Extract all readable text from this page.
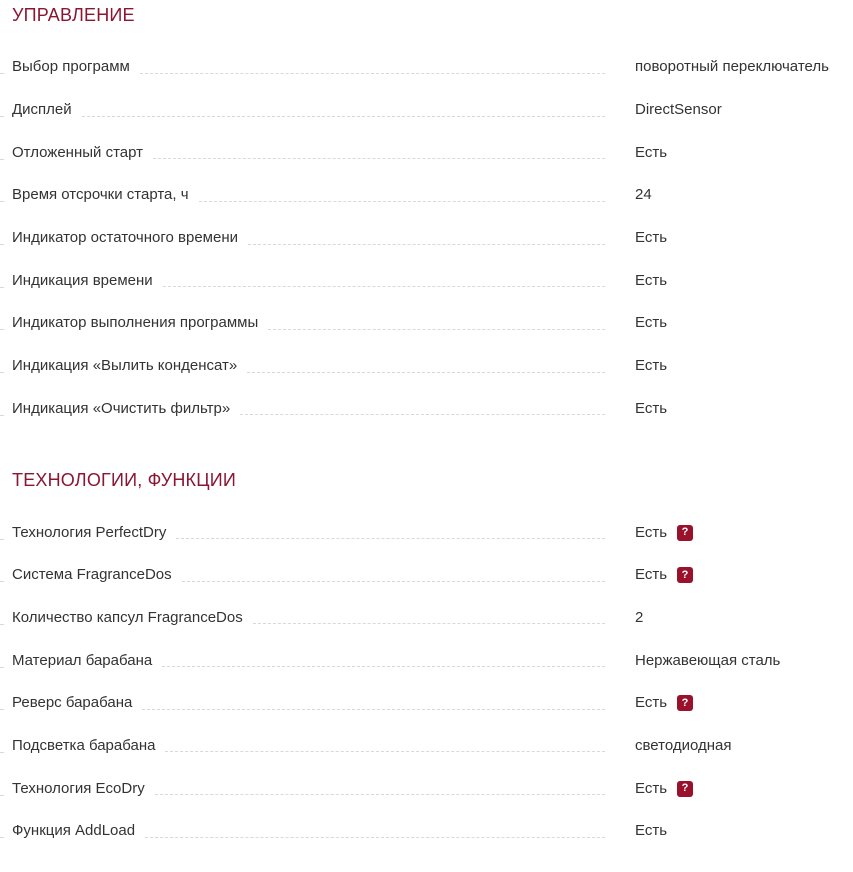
УПРАВЛЕНИЕ
Выбор программ	поворотный переключатель
Дисплей	DirectSensor
Отложенный старт	Есть
Время отсрочки старта, ч	24
Индикатор остаточного времени	Есть
Индикация времени	Есть
Индикатор выполнения программы	Есть
Индикация «Вылить конденсат»	Есть
Индикация «Очистить фильтр»	Есть
ТЕХНОЛОГИИ, ФУНКЦИИ
Технология PerfectDry	Есть	?
Система FragranceDos	Есть	?
Количество капсул FragranceDos	2
Материал барабана	Нержавеющая сталь
Реверс барабана	Есть	?
Подсветка барабана	светодиодная
Технология EcoDry	Есть	?
Функция AddLoad	Есть
